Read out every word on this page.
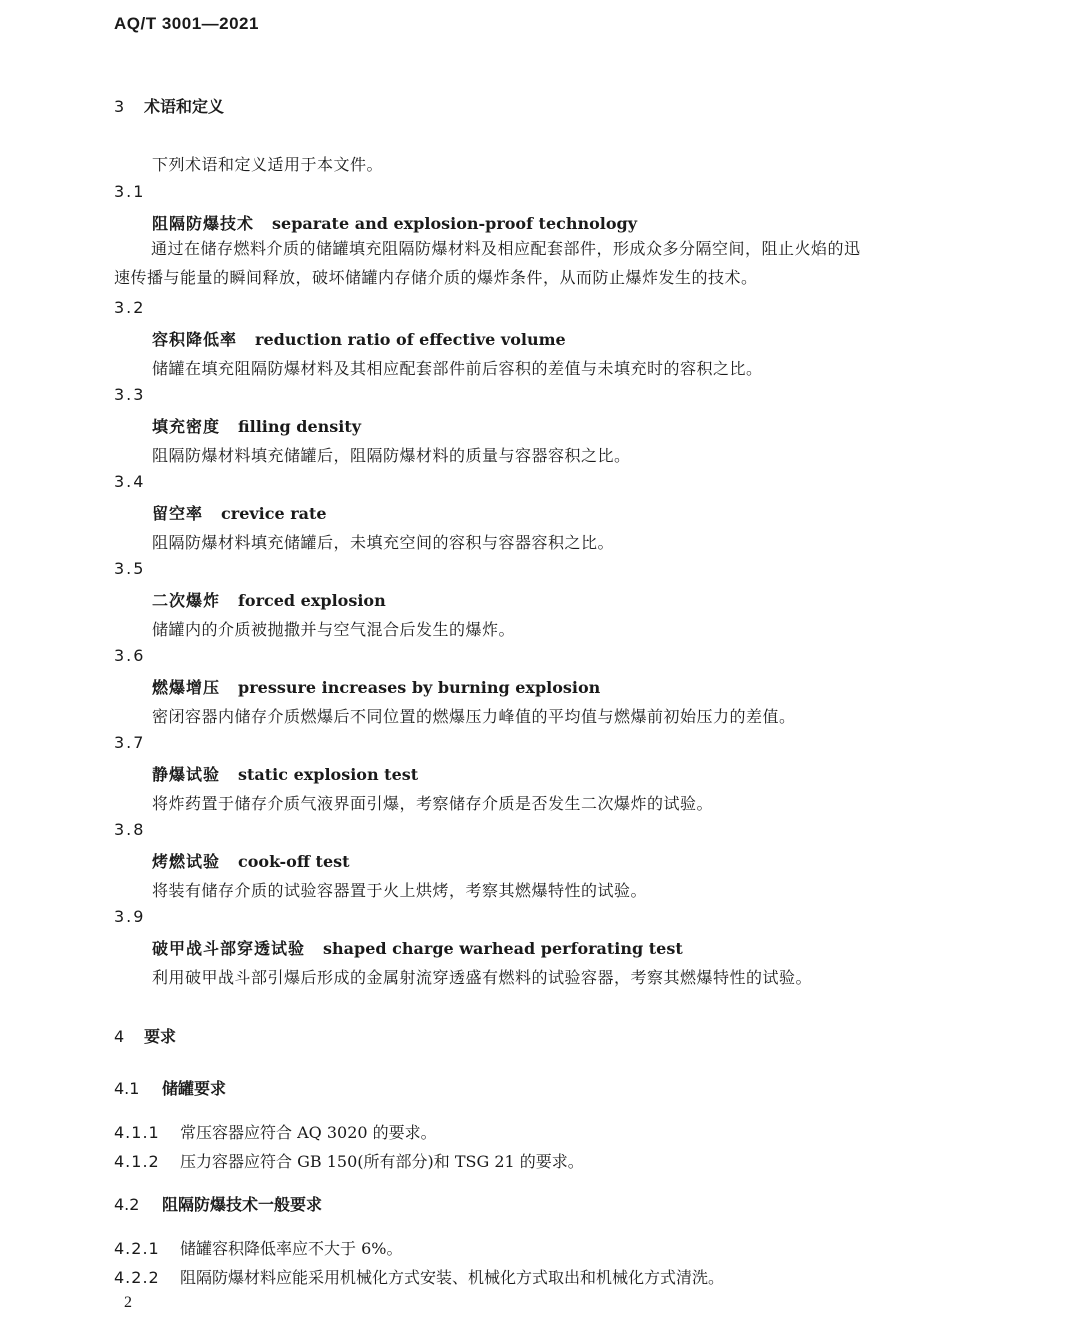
AQ/T 3001—2021
3 术语和定义
下列术语和定义适用于本文件。
3.1
阻隔防爆技术 separate and explosion-proof technology
通过在储存燃料介质的储罐填充阻隔防爆材料及相应配套部件，形成众多分隔空间，阻止火焰的迅
速传播与能量的瞬间释放，破坏储罐内存储介质的爆炸条件，从而防止爆炸发生的技术。
3.2
容积降低率 reduction ratio of effective volume
储罐在填充阻隔防爆材料及其相应配套部件前后容积的差值与未填充时的容积之比。
3.3
填充密度 filling density
阻隔防爆材料填充储罐后，阻隔防爆材料的质量与容器容积之比。
3.4
留空率 crevice rate
阻隔防爆材料填充储罐后，未填充空间的容积与容器容积之比。
3.5
二次爆炸 forced explosion
储罐内的介质被抛撒并与空气混合后发生的爆炸。
3.6
燃爆增压 pressure increases by burning explosion
密闭容器内储存介质燃爆后不同位置的燃爆压力峰值的平均值与燃爆前初始压力的差值。
3.7
静爆试验 static explosion test
将炸药置于储存介质气液界面引爆，考察储存介质是否发生二次爆炸的试验。
3.8
烤燃试验 cook-off test
将装有储存介质的试验容器置于火上烘烤，考察其燃爆特性的试验。
3.9
破甲战斗部穿透试验 shaped charge warhead perforating test
利用破甲战斗部引爆后形成的金属射流穿透盛有燃料的试验容器，考察其燃爆特性的试验。
4 要求
4.1 储罐要求
4.1.1 常压容器应符合 AQ 3020 的要求。
4.1.2 压力容器应符合 GB 150(所有部分)和 TSG 21 的要求。
4.2 阻隔防爆技术一般要求
4.2.1 储罐容积降低率应不大于 6%。
4.2.2 阻隔防爆材料应能采用机械化方式安装、机械化方式取出和机械化方式清洗。
2
